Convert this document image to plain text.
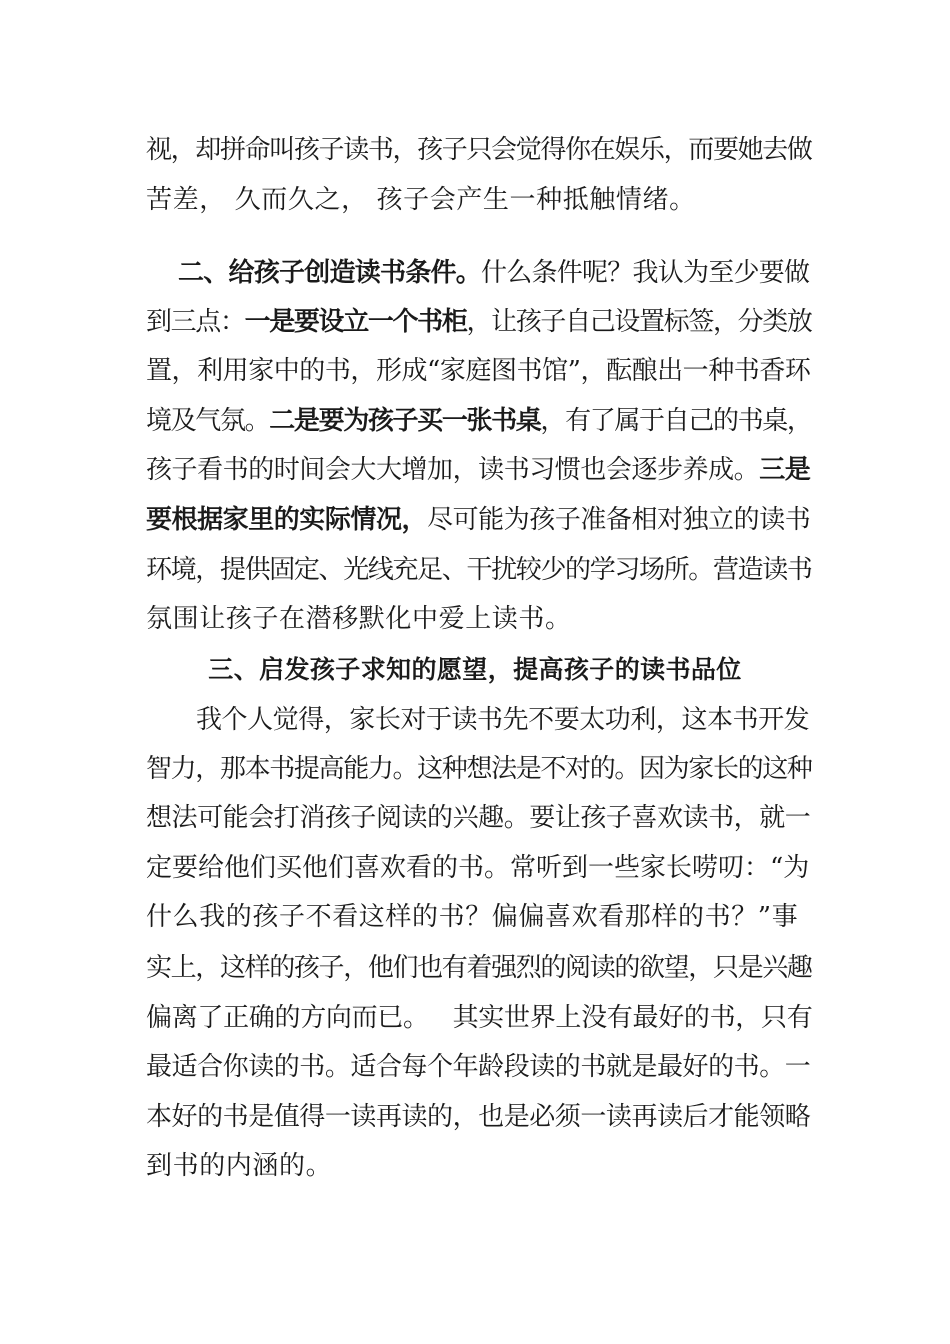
视，却拼命叫孩子读书，孩子只会觉得你在娱乐，而要她去做
苦差， 久而久之， 孩子会产生一种抵触情绪。
二、给孩子创造读书条件。什么条件呢？我认为至少要做
到三点：一是要设立一个书柜，让孩子自己设置标签，分类放
置，利用家中的书，形成“家庭图书馆”，酝酿出一种书香环
境及气氛。二是要为孩子买一张书桌，有了属于自己的书桌，
孩子看书的时间会大大增加，读书习惯也会逐步养成。三是
要根据家里的实际情况，尽可能为孩子准备相对独立的读书
环境，提供固定、光线充足、干扰较少的学习场所。营造读书
氛围让孩子在潜移默化中爱上读书。
三、启发孩子求知的愿望，提高孩子的读书品位
我个人觉得，家长对于读书先不要太功利，这本书开发
智力，那本书提高能力。这种想法是不对的。因为家长的这种
想法可能会打消孩子阅读的兴趣。要让孩子喜欢读书，就一
定要给他们买他们喜欢看的书。常听到一些家长唠叨：“为
什么我的孩子不看这样的书？偏偏喜欢看那样的书？”事
实上，这样的孩子，他们也有着强烈的阅读的欲望，只是兴趣
偏离了正确的方向而已。   其实世界上没有最好的书，只有
最适合你读的书。适合每个年龄段读的书就是最好的书。一
本好的书是值得一读再读的，也是必须一读再读后才能领略
到书的内涵的。
